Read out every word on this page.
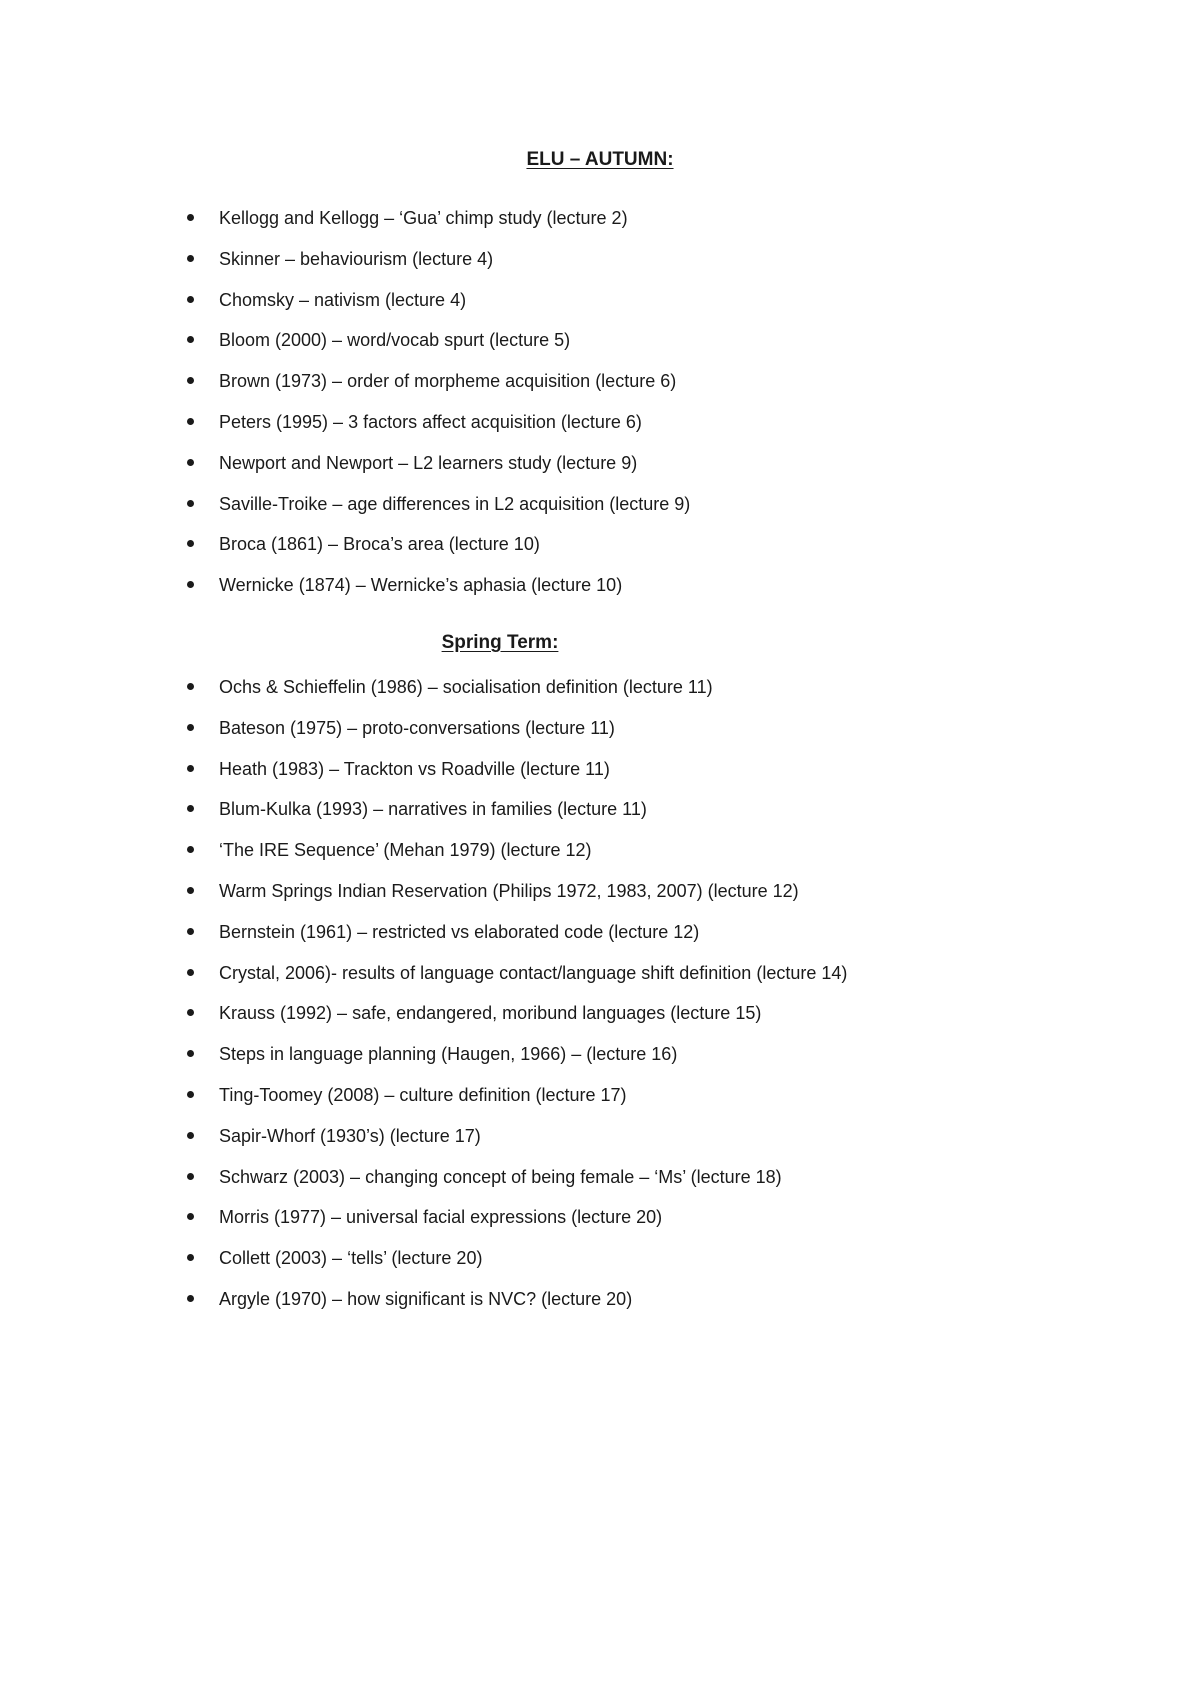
ELU – AUTUMN:
Kellogg and Kellogg – ‘Gua’ chimp study (lecture 2)
Skinner – behaviourism (lecture 4)
Chomsky – nativism (lecture 4)
Bloom (2000) – word/vocab spurt (lecture 5)
Brown (1973) – order of morpheme acquisition (lecture 6)
Peters (1995) – 3 factors affect acquisition (lecture 6)
Newport and Newport – L2 learners study (lecture 9)
Saville-Troike – age differences in L2 acquisition (lecture 9)
Broca (1861) – Broca’s area (lecture 10)
Wernicke (1874) – Wernicke’s aphasia (lecture 10)
Spring Term:
Ochs & Schieffelin (1986) – socialisation definition (lecture 11)
Bateson (1975) – proto-conversations (lecture 11)
Heath (1983) – Trackton vs Roadville (lecture 11)
Blum-Kulka (1993) – narratives in families (lecture 11)
‘The IRE Sequence’ (Mehan 1979) (lecture 12)
Warm Springs Indian Reservation (Philips 1972, 1983, 2007) (lecture 12)
Bernstein (1961) – restricted vs elaborated code (lecture 12)
Crystal, 2006)- results of language contact/language shift definition (lecture 14)
Krauss (1992) – safe, endangered, moribund languages (lecture 15)
Steps in language planning (Haugen, 1966) – (lecture 16)
Ting-Toomey (2008) – culture definition (lecture 17)
Sapir-Whorf (1930’s) (lecture 17)
Schwarz (2003) – changing concept of being female – ‘Ms’ (lecture 18)
Morris (1977) – universal facial expressions (lecture 20)
Collett (2003) – ‘tells’ (lecture 20)
Argyle (1970) – how significant is NVC? (lecture 20)
